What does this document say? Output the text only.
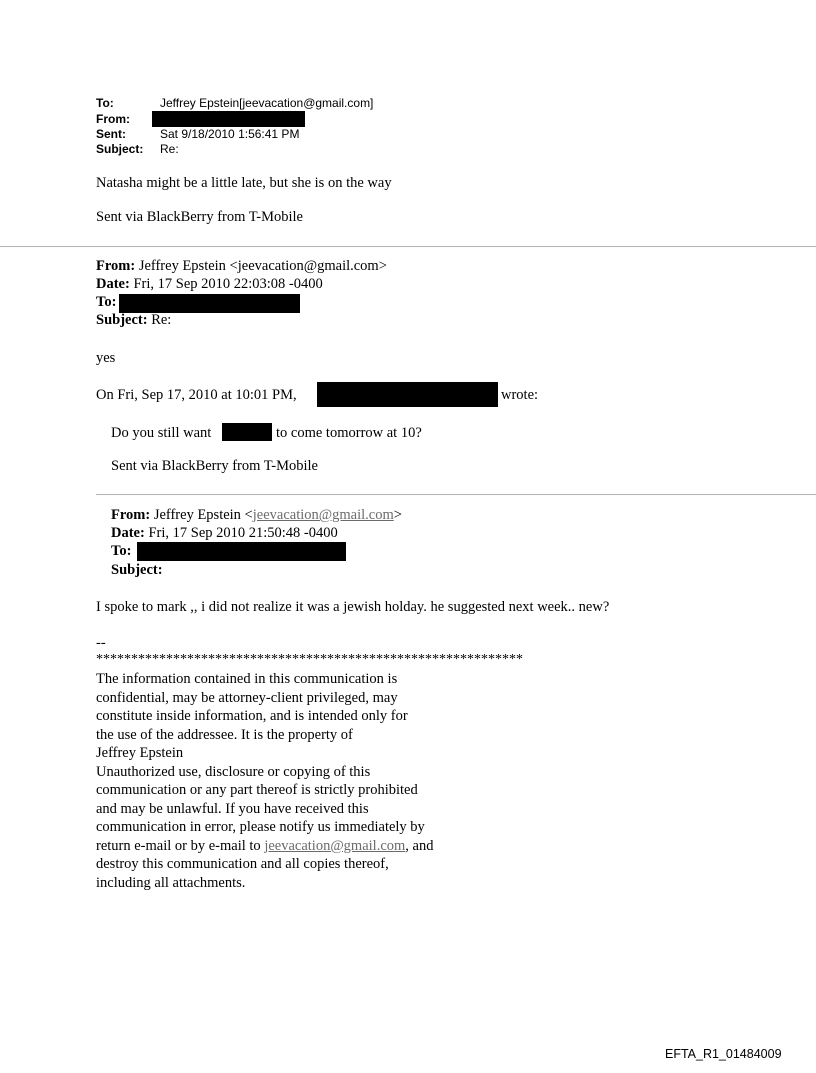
To:	Jeffrey Epstein[jeevacation@gmail.com]
From:
Sent:	Sat 9/18/2010 1:56:41 PM
Subject: Re:
Natasha might be a little late, but she is on the way
Sent via BlackBerry from T-Mobile
From: Jeffrey Epstein <jeevacation@gmail.com>
Date: Fri, 17 Sep 2010 22:03:08 -0400
To:
Subject: Re:
yes
On Fri, Sep 17, 2010 at 10:01 PM,	wrote:
Do you still want	to come tomorrow at 10?
Sent via BlackBerry from T-Mobile
From: Jeffrey Epstein <jeevacation@gmail.com>
Date: Fri, 17 Sep 2010 21:50:48 -0400
To:
Subject:
I spoke to mark ,, i did not realize it was a jewish holday. he suggested next week.. new?
--
*************************************************************
The information contained in this communication is
confidential, may be attorney-client privileged, may
constitute inside information, and is intended only for
the use of the addressee. It is the property of
Jeffrey Epstein
Unauthorized use, disclosure or copying of this
communication or any part thereof is strictly prohibited
and may be unlawful. If you have received this
communication in error, please notify us immediately by
return e-mail or by e-mail to jeevacation@gmail.com, and
destroy this communication and all copies thereof,
including all attachments.
EFTA_R1_01484009
